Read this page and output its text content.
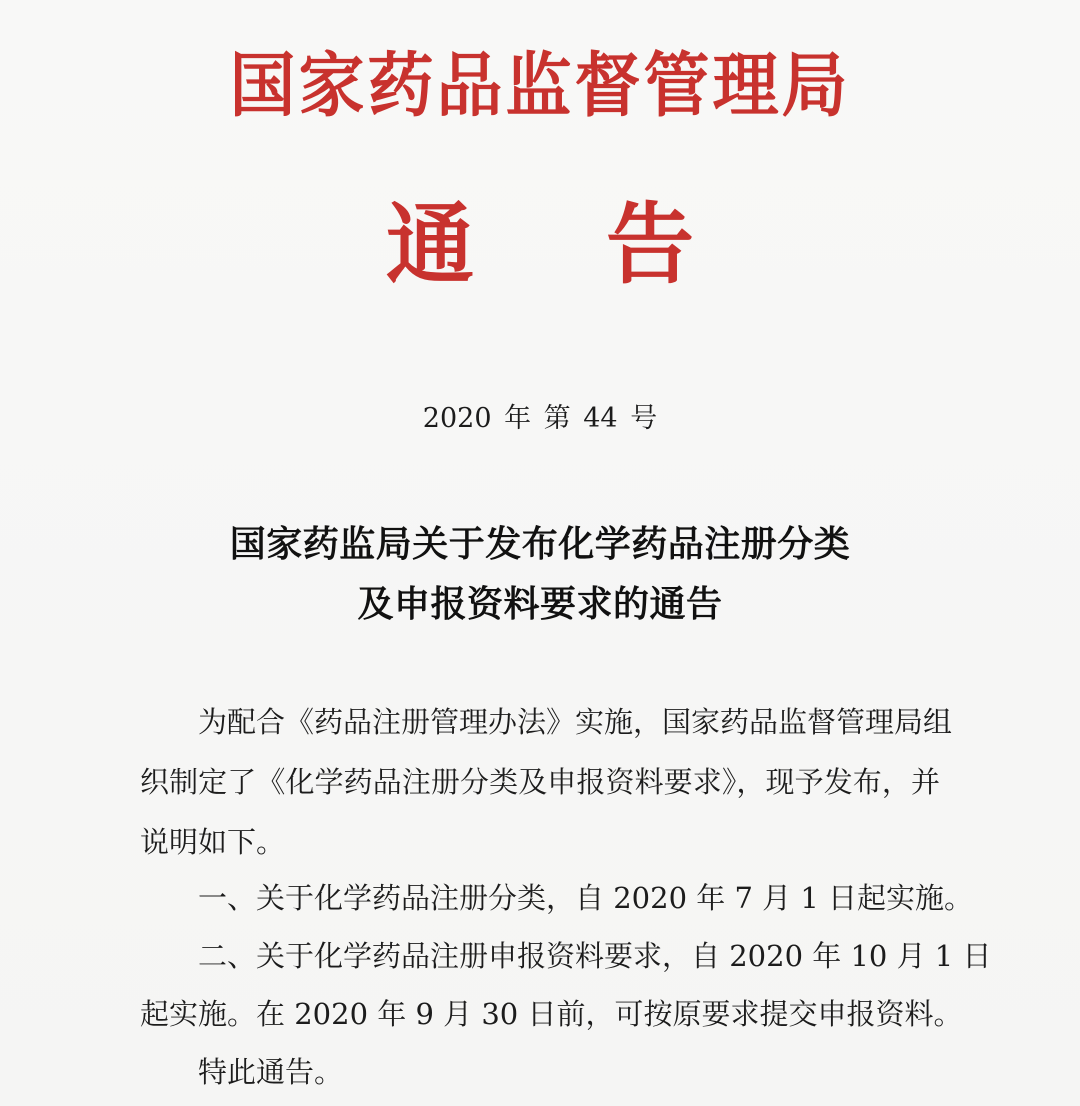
国家药品监督管理局
通告
2020 年 第 44 号
国家药监局关于发布化学药品注册分类
及申报资料要求的通告
为配合《药品注册管理办法》实施，国家药品监督管理局组
织制定了《化学药品注册分类及申报资料要求》，现予发布，并
说明如下。
一、关于化学药品注册分类，自 2020 年 7 月 1 日起实施。
二、关于化学药品注册申报资料要求，自 2020 年 10 月 1 日
起实施。在 2020 年 9 月 30 日前，可按原要求提交申报资料。
特此通告。
